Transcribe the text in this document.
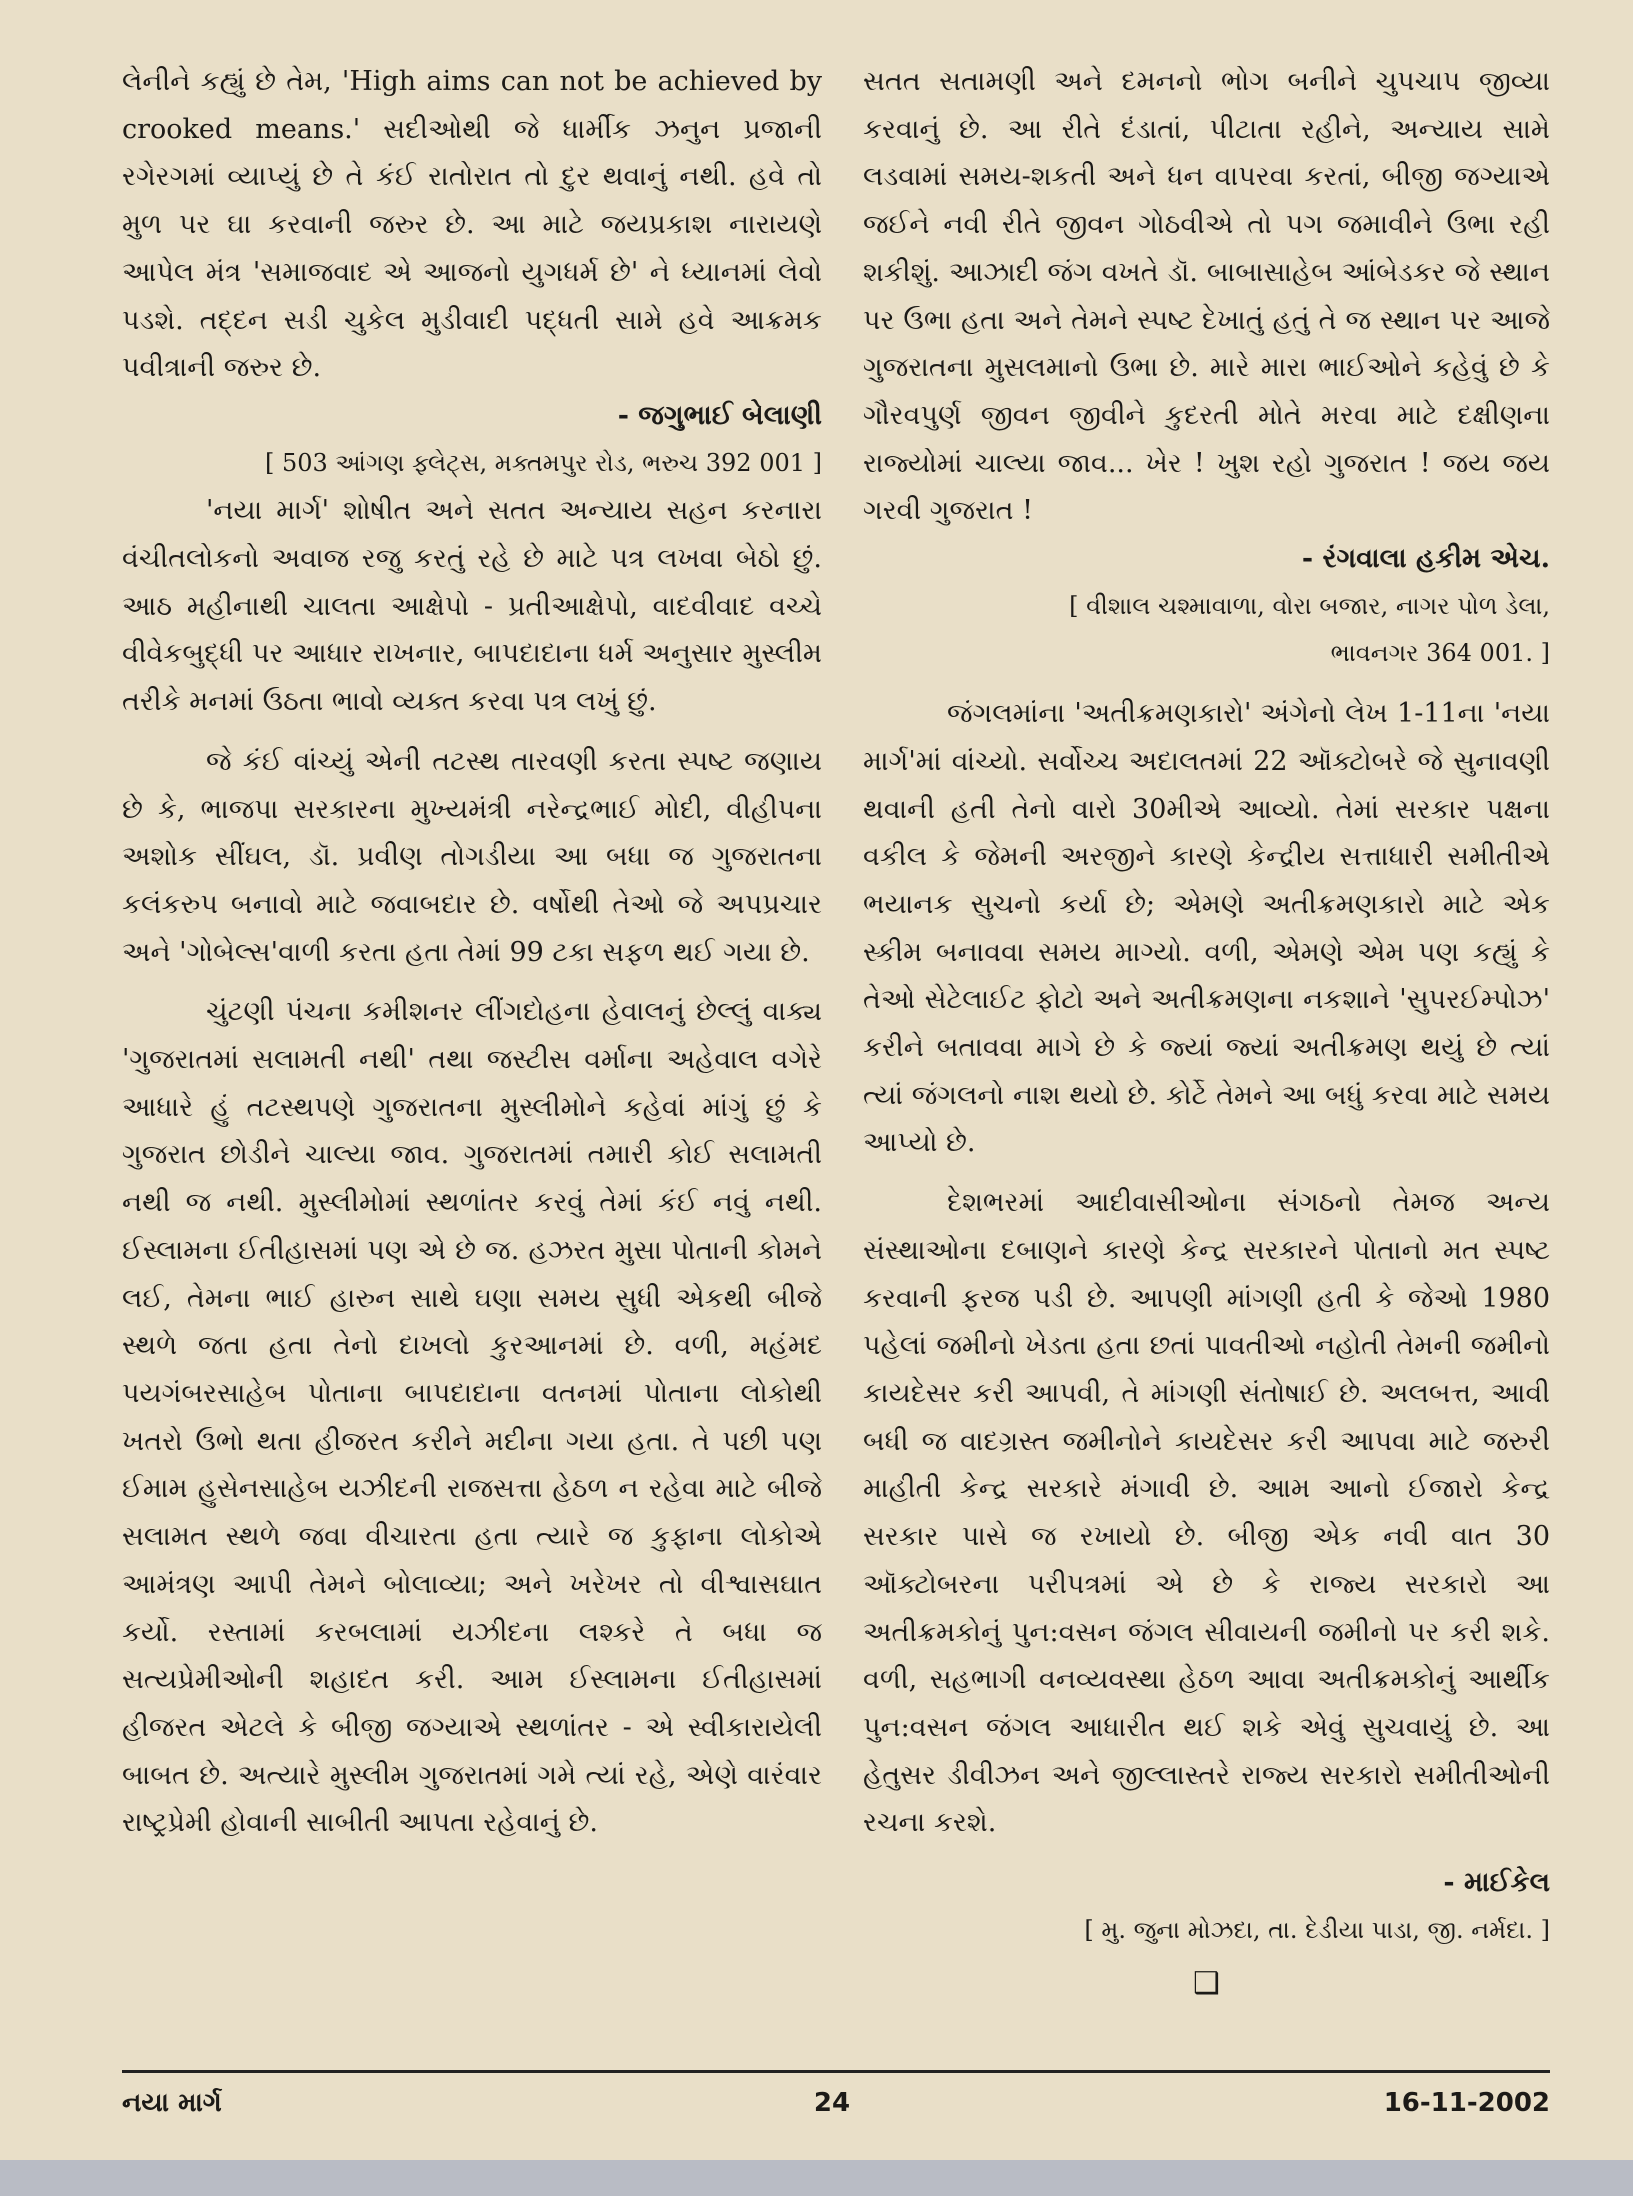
લેનીને કહ્યું છે તેમ, 'High aims can not be achieved by crooked means.' સદીઓથી જે ધાર્મીક ઝનુન પ્રજાની રગેરગમાં વ્યાપ્યું છે તે કંઈ રાતોરાત તો દુર થવાનું નથી. હવે તો મુળ પર ઘા કરવાની જરુર છે. આ માટે જયપ્રકાશ નારાયણે આપેલ મંત્ર 'સમાજવાદ એ આજનો યુગધર્મ છે' ને ધ્યાનમાં લેવો પડશે. તદ્દન સડી ચુકેલ મુડીવાદી પદ્ધતી સામે હવે આક્રમક પવીત્રાની જરુર છે.

- જગુભાઈ બેલાણી

[ 503 આંગણ ફ્લેટ્સ, મક્તમપુર રોડ, ભરુચ 392 001 ]

'નયા માર્ગ' શોષીત અને સતત અન્યાય સહન કરનારા વંચીતલોકનો અવાજ રજુ કરતું રહે છે માટે પત્ર લખવા બેઠો છું. આઠ મહીનાથી ચાલતા આક્ષેપો - પ્રતીઆક્ષેપો, વાદવીવાદ વચ્ચે વીવેકબુદ્ધી પર આધાર રાખનાર, બાપદાદાના ધર્મ અનુસાર મુસ્લીમ તરીકે મનમાં ઉઠતા ભાવો વ્યક્ત કરવા પત્ર લખું છું.

જે કંઈ વાંચ્યું એની તટસ્થ તારવણી કરતા સ્પષ્ટ જણાય છે કે, ભાજપા સરકારના મુખ્યમંત્રી નરેન્દ્રભાઈ મોદી, વીહીપના અશોક સીંઘલ, ડૉ. પ્રવીણ તોગડીયા આ બધા જ ગુજરાતના કલંકરુપ બનાવો માટે જવાબદાર છે. વર્ષોથી તેઓ જે અપપ્રચાર અને 'ગોબેલ્સ'વાળી કરતા હતા તેમાં 99 ટકા સફળ થઈ ગયા છે.

ચુંટણી પંચના કમીશનર લીંગદોહના હેવાલનું છેલ્લું વાક્ય 'ગુજરાતમાં સલામતી નથી' તથા જસ્ટીસ વર્માના અહેવાલ વગેરે આધારે હું તટસ્થપણે ગુજરાતના મુસ્લીમોને કહેવાં માંગું છું કે ગુજરાત છોડીને ચાલ્યા જાવ. ગુજરાતમાં તમારી કોઈ સલામતી નથી જ નથી. મુસ્લીમોમાં સ્થળાંતર કરવું તેમાં કંઈ નવું નથી. ઈસ્લામના ઈતીહાસમાં પણ એ છે જ. હઝરત મુસા પોતાની કોમને લઈ, તેમના ભાઈ હારુન સાથે ઘણા સમય સુધી એકથી બીજે સ્થળે જતા હતા તેનો દાખલો કુરઆનમાં છે. વળી, મહંમદ પયગંબરસાહેબ પોતાના બાપદાદાના વતનમાં પોતાના લોકોથી ખતરો ઉભો થતા હીજરત કરીને મદીના ગયા હતા. તે પછી પણ ઈમામ હુસેનસાહેબ યઝીદની રાજસત્તા હેઠળ ન રહેવા માટે બીજે સલામત સ્થળે જવા વીચારતા હતા ત્યારે જ કુફાના લોકોએ આમંત્રણ આપી તેમને બોલાવ્યા; અને ખરેખર તો વીશ્વાસઘાત કર્યો. રસ્તામાં કરબલામાં યઝીદના લશ્કરે તે બધા જ સત્યપ્રેમીઓની શહાદત કરી. આમ ઈસ્લામના ઈતીહાસમાં હીજરત એટલે કે બીજી જગ્યાએ સ્થળાંતર - એ સ્વીકારાયેલી બાબત છે. અત્યારે મુસ્લીમ ગુજરાતમાં ગમે ત્યાં રહે, એણે વારંવાર રાષ્ટ્રપ્રેમી હોવાની સાબીતી આપતા રહેવાનું છે.

સતત સતામણી અને દમનનો ભોગ બનીને ચુપચાપ જીવ્યા કરવાનું છે. આ રીતે દંડાતાં, પીટાતા રહીને, અન્યાય સામે લડવામાં સમય-શકતી અને ધન વાપરવા કરતાં, બીજી જગ્યાએ જઈને નવી રીતે જીવન ગોઠવીએ તો પગ જમાવીને ઉભા રહી શકીશું. આઝાદી જંગ વખતે ડૉ. બાબાસાહેબ આંબેડકર જે સ્થાન પર ઉભા હતા અને તેમને સ્પષ્ટ દેખાતું હતું તે જ સ્થાન પર આજે ગુજરાતના મુસલમાનો ઉભા છે. મારે મારા ભાઈઓને કહેવું છે કે ગૌરવપુર્ણ જીવન જીવીને કુદરતી મોતે મરવા માટે દક્ષીણના રાજ્યોમાં ચાલ્યા જાવ... ખેર ! ખુશ રહો ગુજરાત ! જય જય ગરવી ગુજરાત !

- રંગવાલા હકીમ એચ.

[ વીશાલ ચશ્માવાળા, વોરા બજાર, નાગર પોળ ડેલા,

ભાવનગર 364 001. ]

જંગલમાંના 'અતીક્રમણકારો' અંગેનો લેખ 1-11ના 'નયા માર્ગ'માં વાંચ્યો. સર્વોચ્ચ અદાલતમાં 22 ઑક્ટોબરે જે સુનાવણી થવાની હતી તેનો વારો 30મીએ આવ્યો. તેમાં સરકાર પક્ષના વકીલ કે જેમની અરજીને કારણે કેન્દ્રીય સત્તાધારી સમીતીએ ભયાનક સુચનો કર્યા છે; એમણે અતીક્રમણકારો માટે એક સ્કીમ બનાવવા સમય માગ્યો. વળી, એમણે એમ પણ કહ્યું કે તેઓ સેટેલાઈટ ફોટો અને અતીક્રમણના નકશાને 'સુપરઈમ્પોઝ' કરીને બતાવવા માગે છે કે જ્યાં જ્યાં અતીક્રમણ થયું છે ત્યાં ત્યાં જંગલનો નાશ થયો છે. કોર્ટે તેમને આ બધું કરવા માટે સમય આપ્યો છે.

દેશભરમાં આદીવાસીઓના સંગઠનો તેમજ અન્ય સંસ્થાઓના દબાણને કારણે કેન્દ્ર સરકારને પોતાનો મત સ્પષ્ટ કરવાની ફરજ પડી છે. આપણી માંગણી હતી કે જેઓ 1980 પહેલાં જમીનો ખેડતા હતા છતાં પાવતીઓ નહોતી તેમની જમીનો કાયદેસર કરી આપવી, તે માંગણી સંતોષાઈ છે. અલબત્ત, આવી બધી જ વાદગ્રસ્ત જમીનોને કાયદેસર કરી આપવા માટે જરુરી માહીતી કેન્દ્ર સરકારે મંગાવી છે. આમ આનો ઈજારો કેન્દ્ર સરકાર પાસે જ રખાયો છે. બીજી એક નવી વાત 30 ઑક્ટોબરના પરીપત્રમાં એ છે કે રાજ્ય સરકારો આ અતીક્રમકોનું પુન:વસન જંગલ સીવાયની જમીનો પર કરી શકે. વળી, સહભાગી વનવ્યવસ્થા હેઠળ આવા અતીક્રમકોનું આર્થીક પુન:વસન જંગલ આધારીત થઈ શકે એવું સુચવાયું છે. આ હેતુસર ડીવીઝન અને જીલ્લાસ્તરે રાજ્ય સરકારો સમીતીઓની રચના કરશે.

- માઈકેલ

[ મુ. જુના મોઝદા, તા. દેડીયા પાડા, જી. નર્મદા. ]

❑
નયા માર્ગ	24	16-11-2002
